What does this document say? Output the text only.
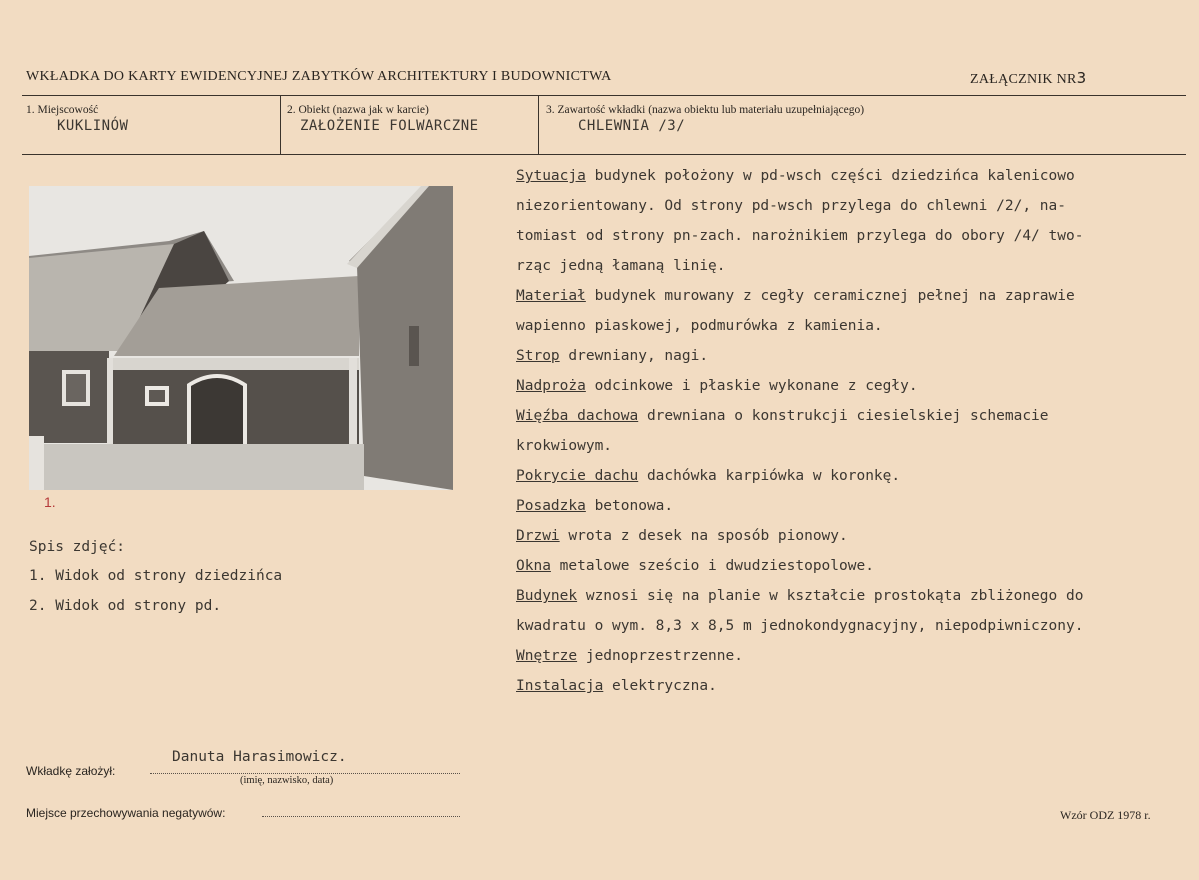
WKŁADKA DO KARTY EWIDENCYJNEJ ZABYTKÓW ARCHITEKTURY I BUDOWNICTWA	ZAŁĄCZNIK NR3
1. Miejscowość
KUKLINÓW
2. Obiekt (nazwa jak w karcie)
ZAŁOŻENIE FOLWARCZNE
3. Zawartość wkładki (nazwa obiektu lub materiału uzupełniającego)
CHLEWNIA /3/
1.
Spis zdjęć:
1. Widok od strony dziedzińca
2. Widok od strony pd.

Sytuacja budynek położony w pd-wsch części dziedzińca kalenicowo

niezorientowany. Od strony pd-wsch przylega do chlewni /2/, na-

tomiast od strony pn-zach. narożnikiem przylega do obory /4/ two-

rząc jedną łamaną linię.

Materiał budynek murowany z cegły ceramicznej pełnej na zaprawie

wapienno piaskowej, podmurówka z kamienia.

Strop drewniany, nagi.

Nadproża odcinkowe i płaskie wykonane z cegły.

Więźba dachowa drewniana o konstrukcji ciesielskiej schemacie

krokwiowym.

Pokrycie dachu dachówka karpiówka w koronkę.

Posadzka betonowa.

Drzwi wrota z desek na sposób pionowy.

Okna metalowe sześcio i dwudziestopolowe.

Budynek wznosi się na planie w kształcie prostokąta zbliżonego do

kwadratu o wym. 8,3 x 8,5 m jednokondygnacyjny, niepodpiwniczony.

Wnętrze jednoprzestrzenne.

Instalacja elektryczna.

Danuta Harasimowicz.
Wkładkę założył:
(imię, nazwisko, data)
Miejsce przechowywania negatywów:	Wzór ODZ 1978 r.
